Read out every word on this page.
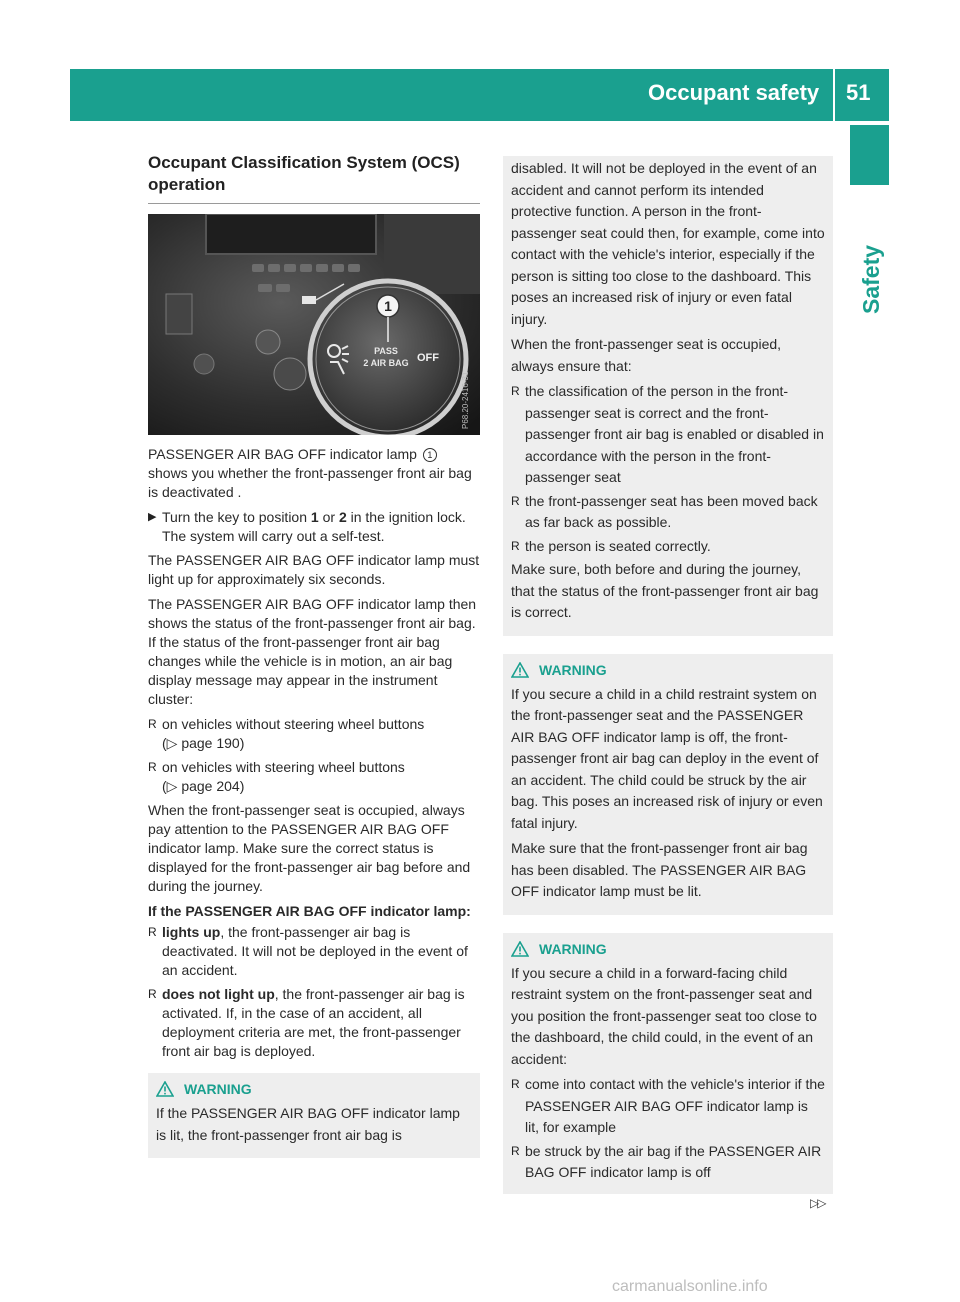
Occupant safety 51
Safety
Occupant Classification System (OCS) operation
1
PASS
2 AIR BAG OFF
P68.20-2416-31

PASSENGER AIR BAG OFF indicator lamp 1 shows you whether the front-passenger front air bag is deactivated .

▶ Turn the key to position 1 or 2 in the ignition lock.
The system will carry out a self-test.

The PASSENGER AIR BAG OFF indicator lamp must light up for approximately six seconds.

The PASSENGER AIR BAG OFF indicator lamp then shows the status of the front-passenger front air bag. If the status of the front-passenger front air bag changes while the vehicle is in motion, an air bag display message may appear in the instrument cluster:

R on vehicles without steering wheel buttons
(▷ page 190)
R on vehicles with steering wheel buttons
(▷ page 204)

When the front-passenger seat is occupied, always pay attention to the PASSENGER AIR BAG OFF indicator lamp. Make sure the correct status is displayed for the front-passenger air bag before and during the journey.

If the PASSENGER AIR BAG OFF indicator lamp:

R lights up, the front-passenger air bag is deactivated. It will not be deployed in the event of an accident.
R does not light up, the front-passenger air bag is activated. If, in the case of an accident, all deployment criteria are met, the front-passenger front air bag is deployed.
WARNING

If the PASSENGER AIR BAG OFF indicator lamp is lit, the front-passenger front air bag is

disabled. It will not be deployed in the event of an accident and cannot perform its intended protective function. A person in the front-passenger seat could then, for example, come into contact with the vehicle's interior, especially if the person is sitting too close to the dashboard. This poses an increased risk of injury or even fatal injury.

When the front-passenger seat is occupied, always ensure that:

R the classification of the person in the front-passenger seat is correct and the front-passenger front air bag is enabled or disabled in accordance with the person in the front-passenger seat
R the front-passenger seat has been moved back as far back as possible.
R the person is seated correctly.

Make sure, both before and during the journey, that the status of the front-passenger front air bag is correct.

WARNING

If you secure a child in a child restraint system on the front-passenger seat and the PASSENGER AIR BAG OFF indicator lamp is off, the front-passenger front air bag can deploy in the event of an accident. The child could be struck by the air bag. This poses an increased risk of injury or even fatal injury.

Make sure that the front-passenger front air bag has been disabled. The PASSENGER AIR BAG OFF indicator lamp must be lit.

WARNING

If you secure a child in a forward-facing child restraint system on the front-passenger seat and you position the front-passenger seat too close to the dashboard, the child could, in the event of an accident:

R come into contact with the vehicle's interior if the PASSENGER AIR BAG OFF indicator lamp is lit, for example
R be struck by the air bag if the PASSENGER AIR BAG OFF indicator lamp is off
▷▷
carmanualsonline.info
